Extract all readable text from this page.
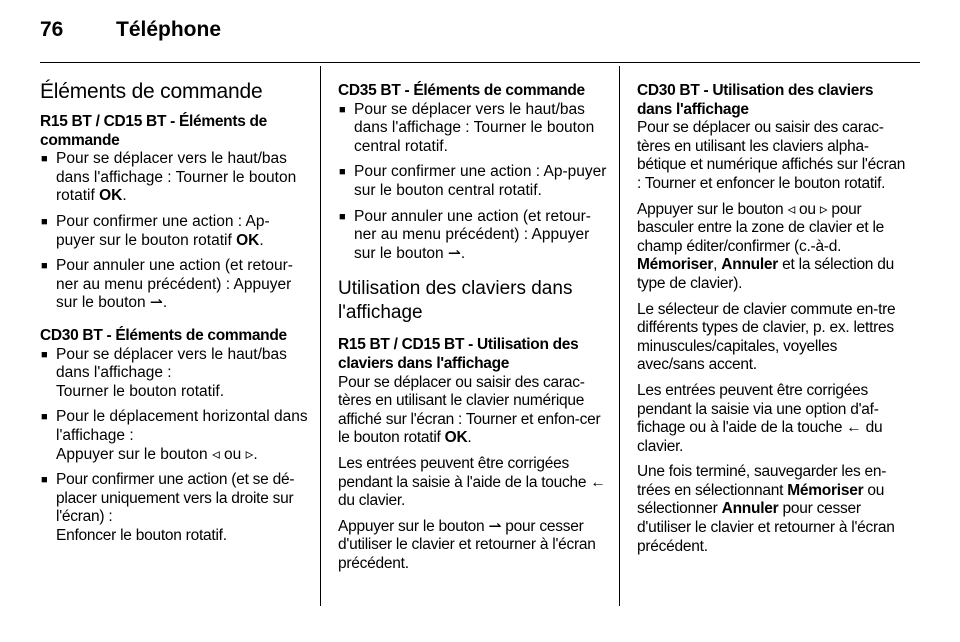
76	Téléphone
Éléments de commande
R15 BT / CD15 BT - Éléments de commande
■ Pour se déplacer vers le haut/bas dans l'affichage : Tourner le bouton rotatif OK.
■ Pour confirmer une action : Ap-puyer sur le bouton rotatif OK.
■ Pour annuler une action (et retour-ner au menu précédent) : Appuyer sur le bouton ⇀.
CD30 BT - Éléments de commande
■ Pour se déplacer vers le haut/bas dans l'affichage :
Tourner le bouton rotatif.
■ Pour le déplacement horizontal dans l'affichage :
Appuyer sur le bouton ◃ ou ▹.
■ Pour confirmer une action (et se dé-placer uniquement vers la droite sur l'écran) :
Enfoncer le bouton rotatif.
CD35 BT - Éléments de commande
■ Pour se déplacer vers le haut/bas dans l'affichage : Tourner le bouton central rotatif.
■ Pour confirmer une action : Ap-puyer sur le bouton central rotatif.
■ Pour annuler une action (et retour-ner au menu précédent) : Appuyer sur le bouton ⇀.
Utilisation des claviers dans l'affichage
R15 BT / CD15 BT - Utilisation des claviers dans l'affichage

Pour se déplacer ou saisir des carac-tères en utilisant le clavier numérique affiché sur l'écran : Tourner et enfon-cer le bouton rotatif OK.

Les entrées peuvent être corrigées pendant la saisie à l'aide de la touche ← du clavier.

Appuyer sur le bouton ⇀ pour cesser d'utiliser le clavier et retourner à l'écran précédent.

CD30 BT - Utilisation des claviers dans l'affichage

Pour se déplacer ou saisir des carac-tères en utilisant les claviers alpha-bétique et numérique affichés sur l'écran : Tourner et enfoncer le bouton rotatif.

Appuyer sur le bouton ◃ ou ▹ pour basculer entre la zone de clavier et le champ éditer/confirmer (c.-à-d. Mémoriser, Annuler et la sélection du type de clavier).

Le sélecteur de clavier commute en-tre différents types de clavier, p. ex. lettres minuscules/capitales, voyelles avec/sans accent.

Les entrées peuvent être corrigées pendant la saisie via une option d'af-fichage ou à l'aide de la touche ← du clavier.

Une fois terminé, sauvegarder les en-trées en sélectionnant Mémoriser ou sélectionner Annuler pour cesser d'utiliser le clavier et retourner à l'écran précédent.
